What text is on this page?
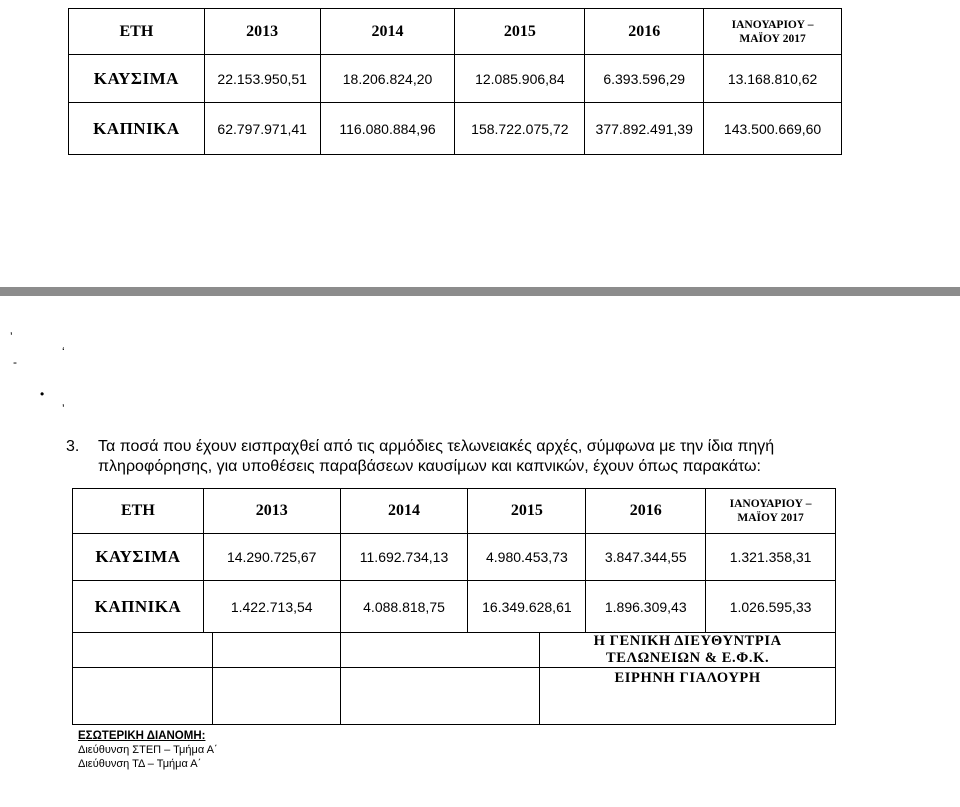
ΕΤΗ	2013	2014	2015	2016	ΙΑΝΟΥΑΡΙΟΥ –
ΜΑΪΟΥ 2017
ΚΑΥΣΙΜΑ	22.153.950,51	18.206.824,20	12.085.906,84	6.393.596,29	13.168.810,62
ΚΑΠΝΙΚΑ	62.797.971,41	116.080.884,96	158.722.075,72	377.892.491,39	143.500.669,60
ʼ
-
ʻ
•
ʼ
3. Τα ποσά που έχουν εισπραχθεί από τις αρμόδιες τελωνειακές αρχές, σύμφωνα με την ίδια πηγή
πληροφόρησης, για υποθέσεις παραβάσεων καυσίμων και καπνικών, έχουν όπως παρακάτω:
ΕΤΗ	2013	2014	2015	2016	ΙΑΝΟΥΑΡΙΟΥ –
ΜΑΪΟΥ 2017
ΚΑΥΣΙΜΑ	14.290.725,67	11.692.734,13	4.980.453,73	3.847.344,55	1.321.358,31
ΚΑΠΝΙΚΑ	1.422.713,54	4.088.818,75	16.349.628,61	1.896.309,43	1.026.595,33
			Η ΓΕΝΙΚΗ ΔΙΕΥΘΥΝΤΡΙΑ
ΤΕΛΩΝΕΙΩΝ & Ε.Φ.Κ.
			ΕΙΡΗΝΗ ΓΙΑΛΟΥΡΗ
ΕΣΩΤΕΡΙΚΗ ΔΙΑΝΟΜΗ:
Διεύθυνση ΣΤΕΠ – Τμήμα Α΄
Διεύθυνση ΤΔ – Τμήμα Α΄
